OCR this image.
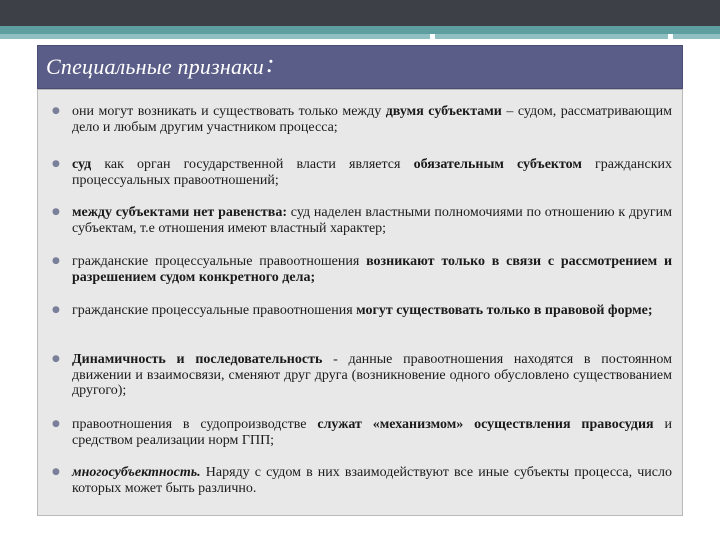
Специальные признаки :
● они могут возникать и существовать только между двумя субъектами – судом, рассматривающим дело и любым другим участником процесса;
● суд как орган государственной власти является обязательным субъектом гражданских процессуальных правоотношений;
● между субъектами нет равенства: суд наделен властными полномочиями по отношению к другим субъектам, т.е отношения имеют властный характер;
● гражданские процессуальные правоотношения возникают только в связи с рассмотрением и разрешением судом конкретного дела;
● гражданские процессуальные правоотношения могут существовать только в правовой форме;
● Динамичность и последовательность - данные правоотношения находятся в постоянном движении и взаимосвязи, сменяют друг друга (возникновение одного обусловлено существованием другого);
● правоотношения в судопроизводстве служат «механизмом» осуществления правосудия и средством реализации норм ГПП;
● многосубъектность. Наряду с судом в них взаимодействуют все иные субъекты процесса, число которых может быть различно.
